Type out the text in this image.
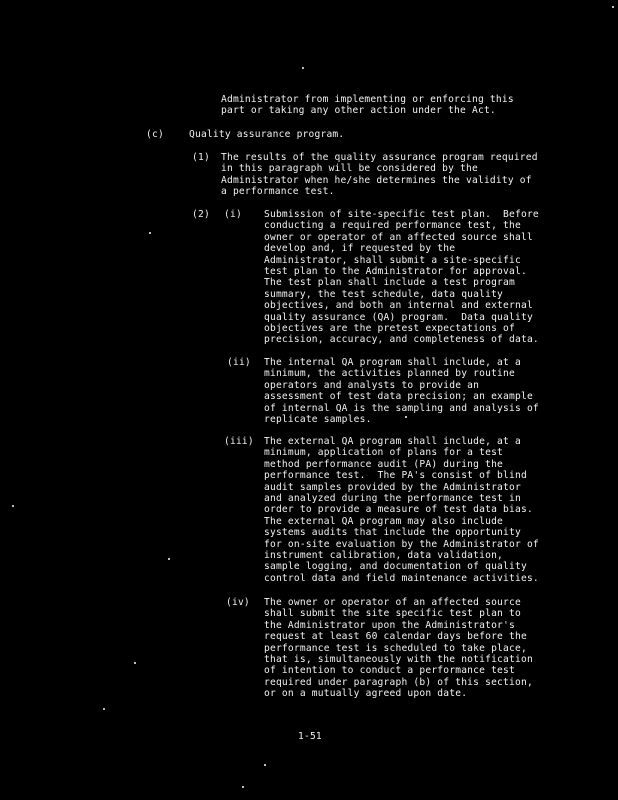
Administrator from implementing or enforcing this
part or taking any other action under the Act.
(c)	Quality assurance program.
(1) The results of the quality assurance program required
in this paragraph will be considered by the
Administrator when he/she determines the validity of
a performance test.
(2) (i) Submission of site-specific test plan.  Before
conducting a required performance test, the
owner or operator of an affected source shall
develop and, if requested by the
Administrator, shall submit a site-specific
test plan to the Administrator for approval.
The test plan shall include a test program
summary, the test schedule, data quality
objectives, and both an internal and external
quality assurance (QA) program.  Data quality
objectives are the pretest expectations of
precision, accuracy, and completeness of data.
(ii) The internal QA program shall include, at a
minimum, the activities planned by routine
operators and analysts to provide an
assessment of test data precision; an example
of internal QA is the sampling and analysis of
replicate samples.
(iii) The external QA program shall include, at a
minimum, application of plans for a test
method performance audit (PA) during the
performance test.  The PA's consist of blind
audit samples provided by the Administrator
and analyzed during the performance test in
order to provide a measure of test data bias.
The external QA program may also include
systems audits that include the opportunity
for on-site evaluation by the Administrator of
instrument calibration, data validation,
sample logging, and documentation of quality
control data and field maintenance activities.
(iv) The owner or operator of an affected source
shall submit the site specific test plan to
the Administrator upon the Administrator's
request at least 60 calendar days before the
performance test is scheduled to take place,
that is, simultaneously with the notification
of intention to conduct a performance test
required under paragraph (b) of this section,
or on a mutually agreed upon date.
1-51
